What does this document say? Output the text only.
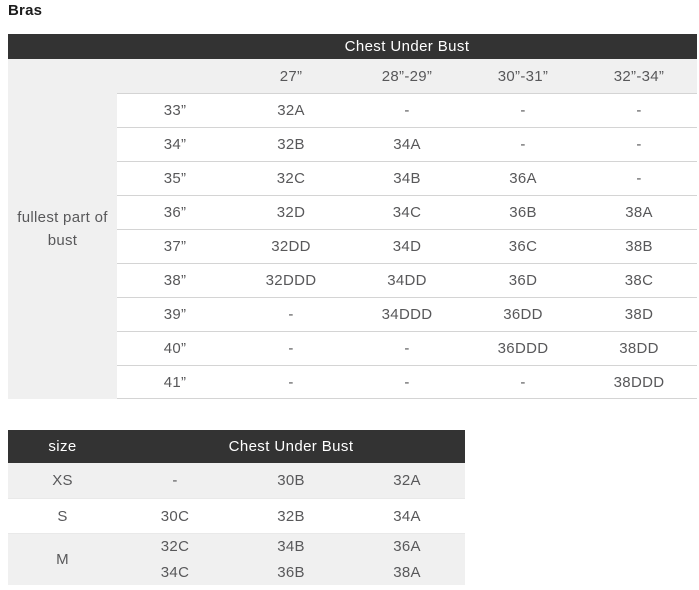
Bras
Chest Under Bust
fullest part of bust
27”	28”-29”	30”-31”	32”-34”
33”	32A	-	-	-
34”	32B	34A	-	-
35”	32C	34B	36A	-
36”	32D	34C	36B	38A
37”	32DD	34D	36C	38B
38”	32DDD	34DD	36D	38C
39”	-	34DDD	36DD	38D
40”	-	-	36DDD	38DD
41”	-	-	-	38DDD
size	Chest Under Bust
XS	-	30B	32A
S	30C	32B	34A
M
32C
34C
34B
36B
36A
38A
